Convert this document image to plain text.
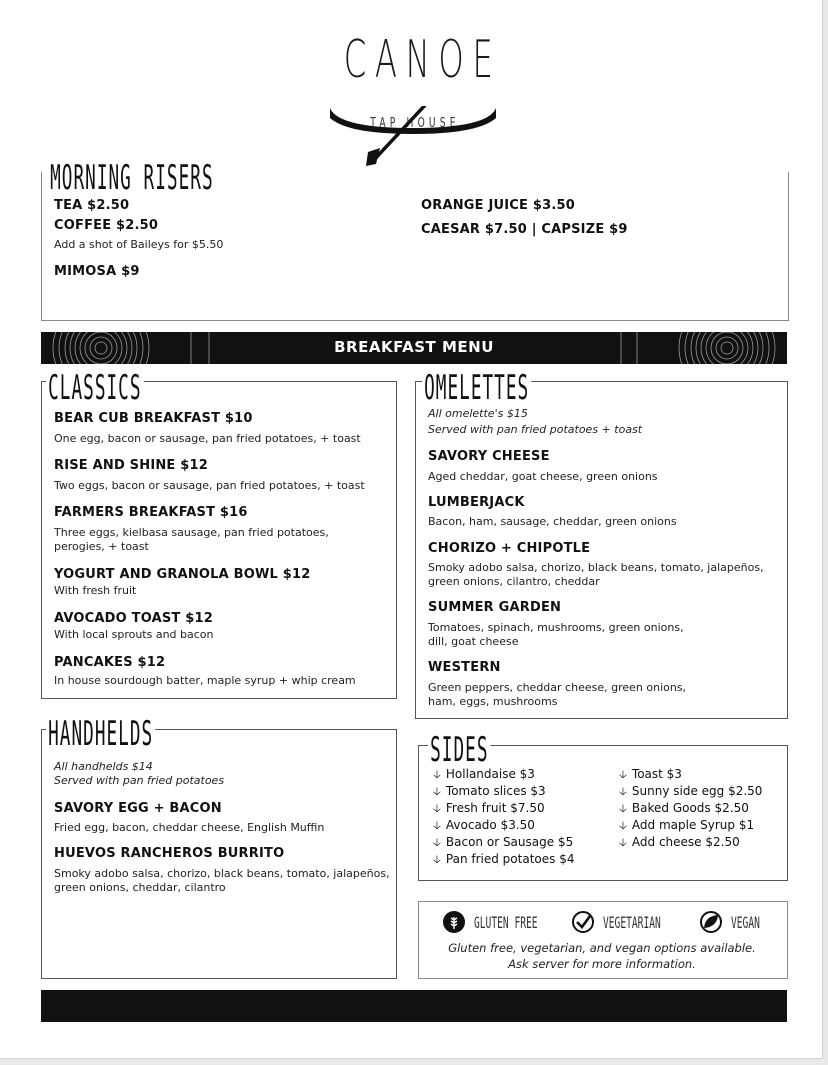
CANOE
TAP HOUSE
MORNING RISERS
TEA $2.50
COFFEE $2.50
Add a shot of Baileys for $5.50
MIMOSA $9
ORANGE JUICE $3.50
CAESAR $7.50 | CAPSIZE $9
BREAKFAST MENU
CLASSICS
BEAR CUB BREAKFAST $10
One egg, bacon or sausage, pan fried potatoes, + toast
RISE AND SHINE $12
Two eggs, bacon or sausage, pan fried potatoes, + toast
FARMERS BREAKFAST $16
Three eggs, kielbasa sausage, pan fried potatoes,
perogies, + toast
YOGURT AND GRANOLA BOWL $12
With fresh fruit
AVOCADO TOAST $12
With local sprouts and bacon
PANCAKES $12
In house sourdough batter, maple syrup + whip cream
OMELETTES
All omelette's $15
Served with pan fried potatoes + toast
SAVORY CHEESE
Aged cheddar, goat cheese, green onions
LUMBERJACK
Bacon, ham, sausage, cheddar, green onions
CHORIZO + CHIPOTLE
Smoky adobo salsa, chorizo, black beans, tomato, jalapeños,
green onions, cilantro, cheddar
SUMMER GARDEN
Tomatoes, spinach, mushrooms, green onions,
dill, goat cheese
WESTERN
Green peppers, cheddar cheese, green onions,
ham, eggs, mushrooms
HANDHELDS
All handhelds $14
Served with pan fried potatoes
SAVORY EGG + BACON
Fried egg, bacon, cheddar cheese, English Muffin
HUEVOS RANCHEROS BURRITO
Smoky adobo salsa, chorizo, black beans, tomato, jalapeños,
green onions, cheddar, cilantro
SIDES
🡣 Hollandaise $3
🡣 Tomato slices $3
🡣 Fresh fruit $7.50
🡣 Avocado $3.50
🡣 Bacon or Sausage $5
🡣 Pan fried potatoes $4
🡣 Toast $3
🡣 Sunny side egg $2.50
🡣 Baked Goods $2.50
🡣 Add maple Syrup $1
🡣 Add cheese $2.50
GLUTEN FREE	VEGETARIAN	VEGAN
Gluten free, vegetarian, and vegan options available.
Ask server for more information.
